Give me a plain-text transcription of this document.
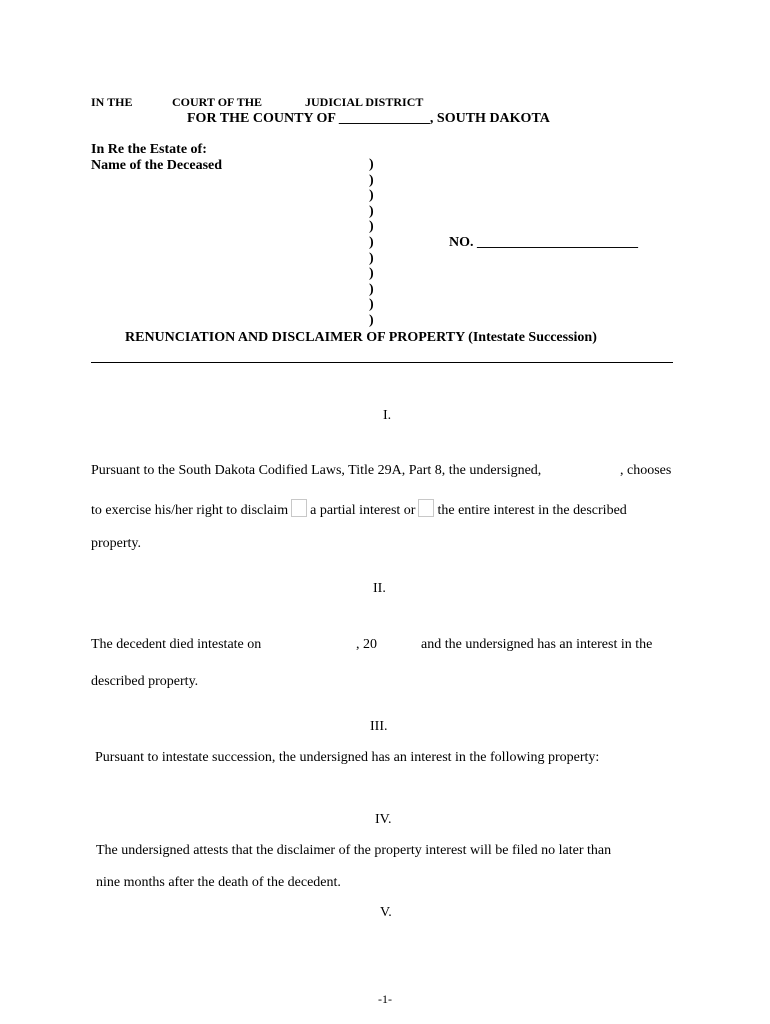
IN THE	COURT OF THE	JUDICIAL DISTRICT
FOR THE COUNTY OF _____________, SOUTH DAKOTA
In Re the Estate of:
Name of the Deceased	)
)
)
)
)
)
)
)
)
)
)
NO. _______________________
RENUNCIATION AND DISCLAIMER OF PROPERTY (Intestate Succession)
I.
Pursuant to the South Dakota Codified Laws, Title 29A, Part 8, the undersigned,	, chooses
to exercise his/her right to disclaim a partial interest or the entire interest in the described
property.
II.
The decedent died intestate on	, 20	and the undersigned has an interest in the
described property.
III.
Pursuant to intestate succession, the undersigned has an interest in the following property:
IV.
The undersigned attests that the disclaimer of the property interest will be filed no later than
nine months after the death of the decedent.
V.
-1-
